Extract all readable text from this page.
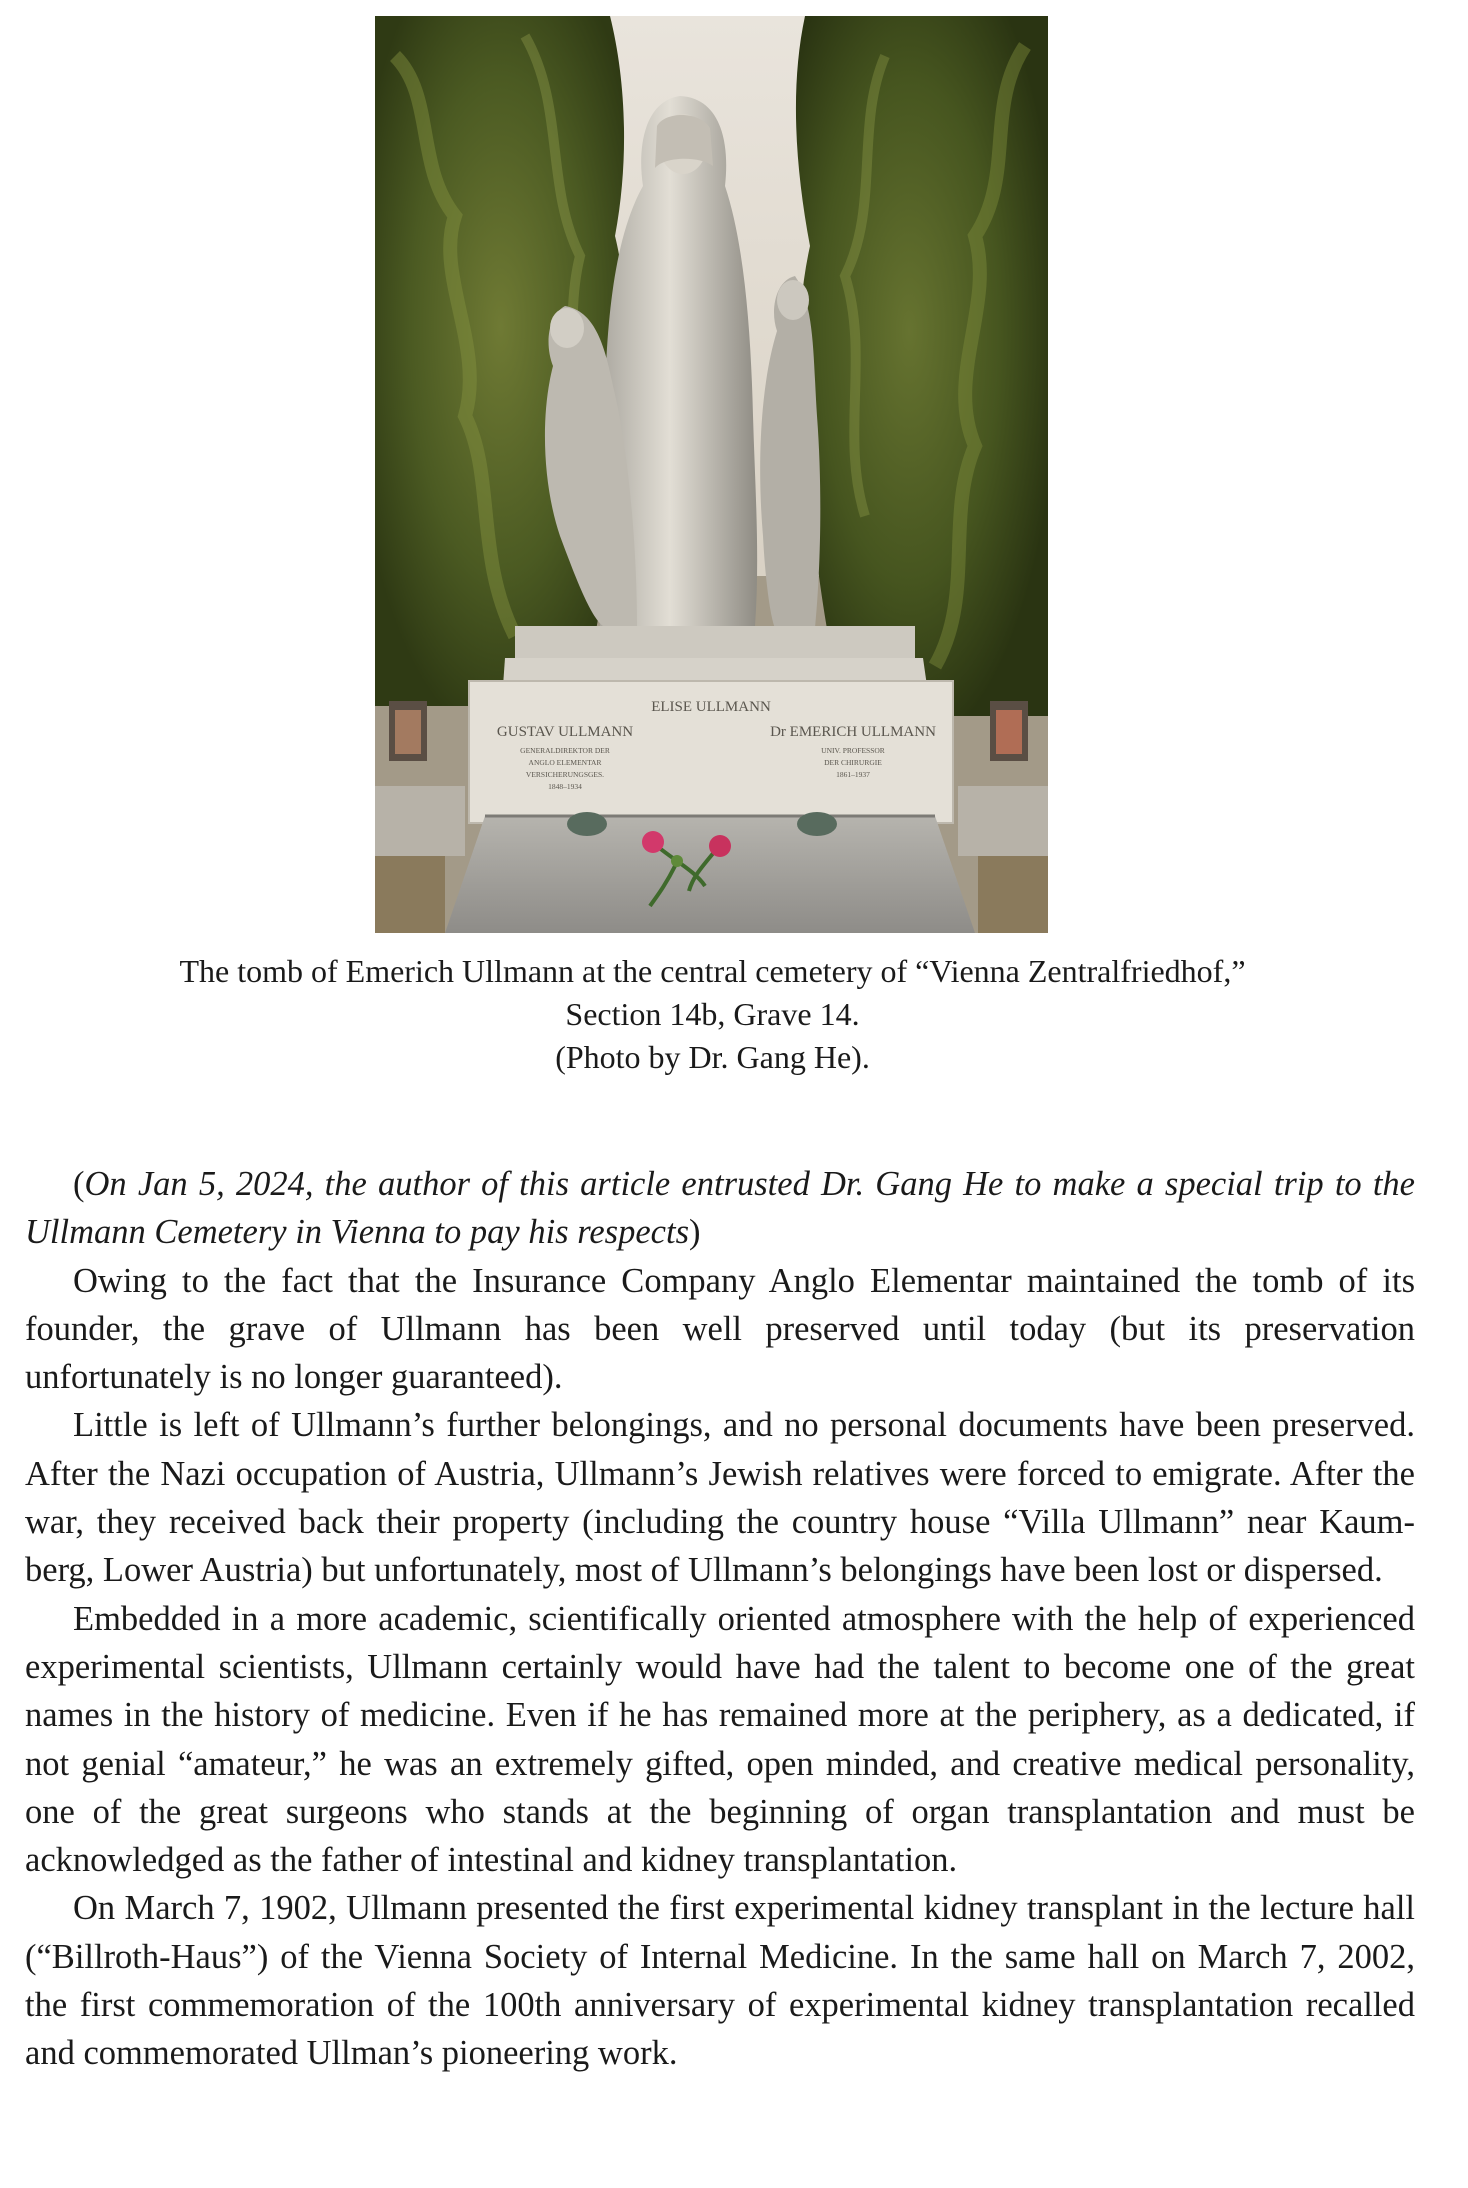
ELISE ULLMANN
GUSTAV ULLMANN	Dr EMERICH ULLMANN
GENERALDIREKTOR DER
ANGLO ELEMENTAR
VERSICHERUNGSGES.
1848–1934
UNIV. PROFESSOR
DER CHIRURGIE
1861–1937
The tomb of Emerich Ullmann at the central cemetery of “Vienna Zentralfriedhof,”
Section 14b, Grave 14.
(Photo by Dr. Gang He).

(On Jan 5, 2024, the author of this article entrusted Dr. Gang He to make a special trip to the Ullmann Cemetery in Vienna to pay his respects)

Owing to the fact that the Insurance Company Anglo Elementar maintained the tomb of its founder, the grave of Ullmann has been well preserved until today (but its preservation unfortunately is no longer guaranteed).

Little is left of Ullmann’s further belongings, and no personal documents have been preserved. After the Nazi occupation of Austria, Ullmann’s Jewish relatives were forced to emigrate. After the war, they received back their property (including the country house “Villa Ullmann” near Kaum-berg, Lower Austria) but unfortunately, most of Ullmann’s belongings have been lost or dispersed.

Embedded in a more academic, scientifically oriented atmosphere with the help of experienced experimental scientists, Ullmann certainly would have had the talent to become one of the great names in the history of medicine. Even if he has remained more at the periphery, as a dedicated, if not genial “amateur,” he was an extremely gifted, open minded, and creative medical personality, one of the great surgeons who stands at the beginning of organ transplantation and must be acknowledged as the father of intestinal and kidney transplantation.

On March 7, 1902, Ullmann presented the first experimental kidney transplant in the lecture hall (“Billroth-Haus”) of the Vienna Society of Internal Medicine. In the same hall on March 7, 2002, the first commemoration of the 100th anniversary of experimental kidney transplantation recalled and commemorated Ullman’s pioneering work.
